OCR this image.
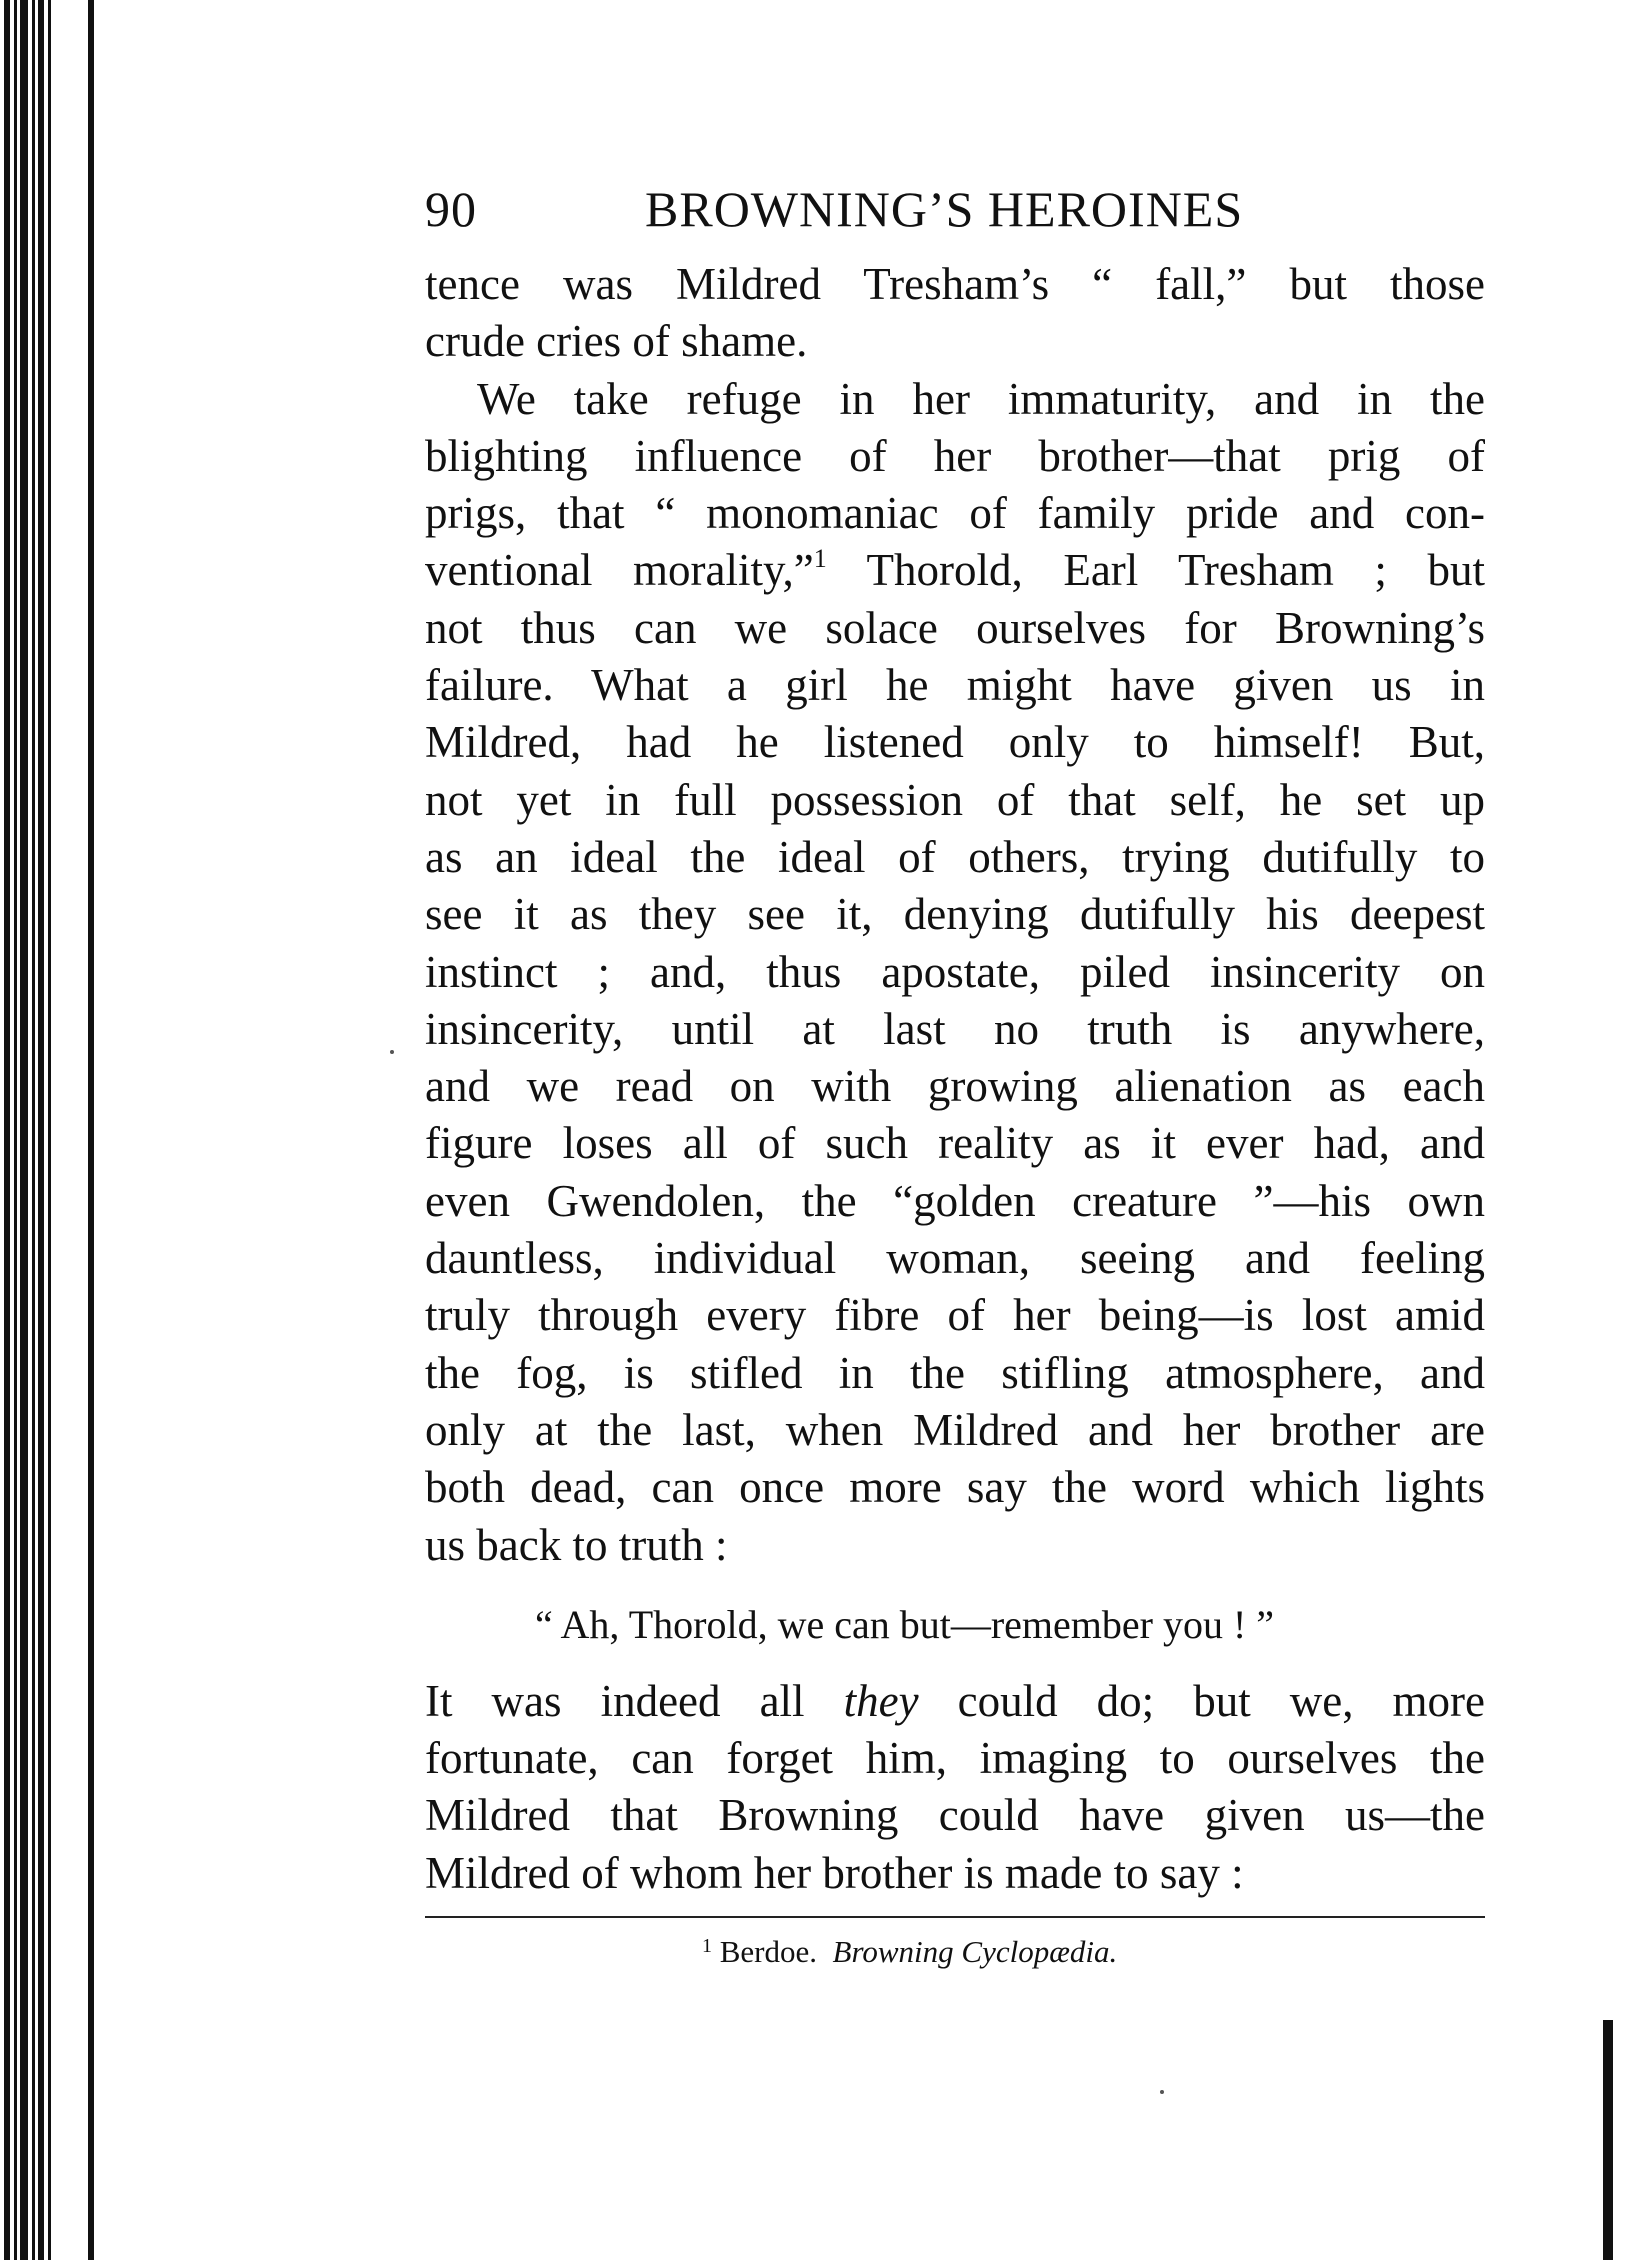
90	BROWNING’S HEROINES
tence was Mildred Tresham’s “ fall,” but those
crude cries of shame.
We take refuge in her immaturity, and in the
blighting influence of her brother—that prig of
prigs, that “ monomaniac of family pride and con-
ventional morality,”$^1$ Thorold, Earl Tresham ; but
not thus can we solace ourselves for Browning’s
failure. What a girl he might have given us in
Mildred, had he listened only to himself! But,
not yet in full possession of that self, he set up
as an ideal the ideal of others, trying dutifully to
see it as they see it, denying dutifully his deepest
instinct ; and, thus apostate, piled insincerity on
insincerity, until at last no truth is anywhere,
and we read on with growing alienation as each
figure loses all of such reality as it ever had, and
even Gwendolen, the “golden creature ”—his own
dauntless, individual woman, seeing and feeling
truly through every fibre of her being—is lost amid
the fog, is stifled in the stifling atmosphere, and
only at the last, when Mildred and her brother are
both dead, can once more say the word which lights
us back to truth :
“ Ah, Thorold, we can but—remember you ! ”
It was indeed all they could do; but we, more
fortunate, can forget him, imaging to ourselves the
Mildred that Browning could have given us—the
Mildred of whom her brother is made to say :
$^1$ Berdoe. Browning Cyclopædia.
